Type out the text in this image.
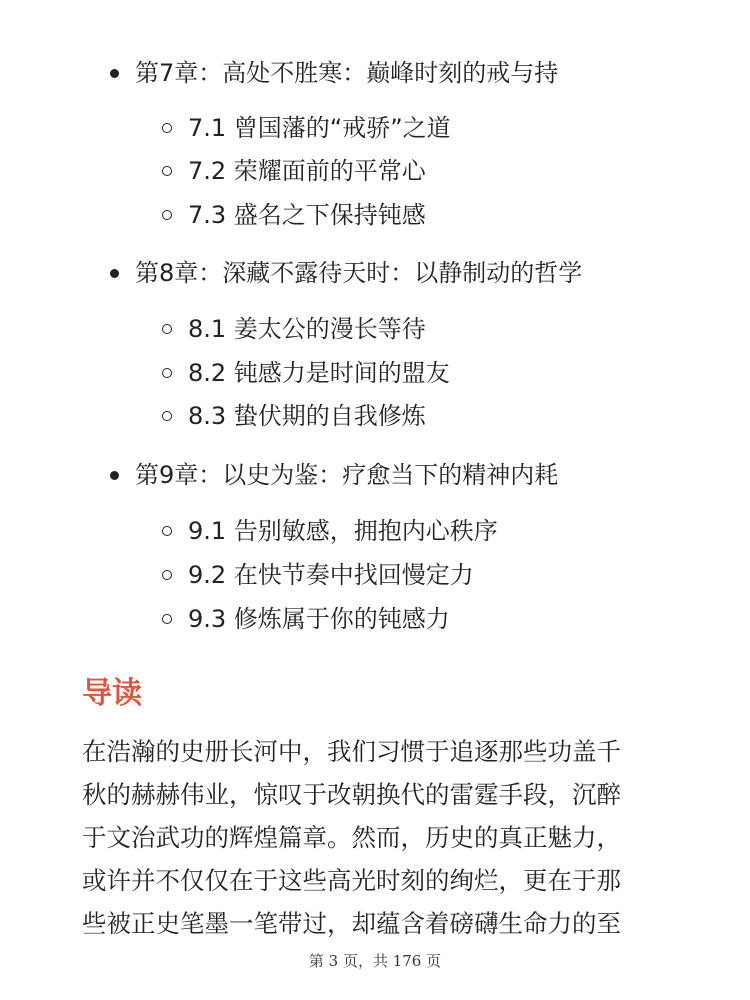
第7章：高处不胜寒：巅峰时刻的戒与持
7.1 曾国藩的“戒骄”之道
7.2 荣耀面前的平常心
7.3 盛名之下保持钝感
第8章：深藏不露待天时：以静制动的哲学
8.1 姜太公的漫长等待
8.2 钝感力是时间的盟友
8.3 蛰伏期的自我修炼
第9章：以史为鉴：疗愈当下的精神内耗
9.1 告别敏感，拥抱内心秩序
9.2 在快节奏中找回慢定力
9.3 修炼属于你的钝感力
导读
在浩瀚的史册长河中，我们习惯于追逐那些功盖千
秋的赫赫伟业，惊叹于改朝换代的雷霆手段，沉醉
于文治武功的辉煌篇章。然而，历史的真正魅力，
或许并不仅仅在于这些高光时刻的绚烂，更在于那
些被正史笔墨一笔带过，却蕴含着磅礴生命力的至
第 3 页，共 176 页
